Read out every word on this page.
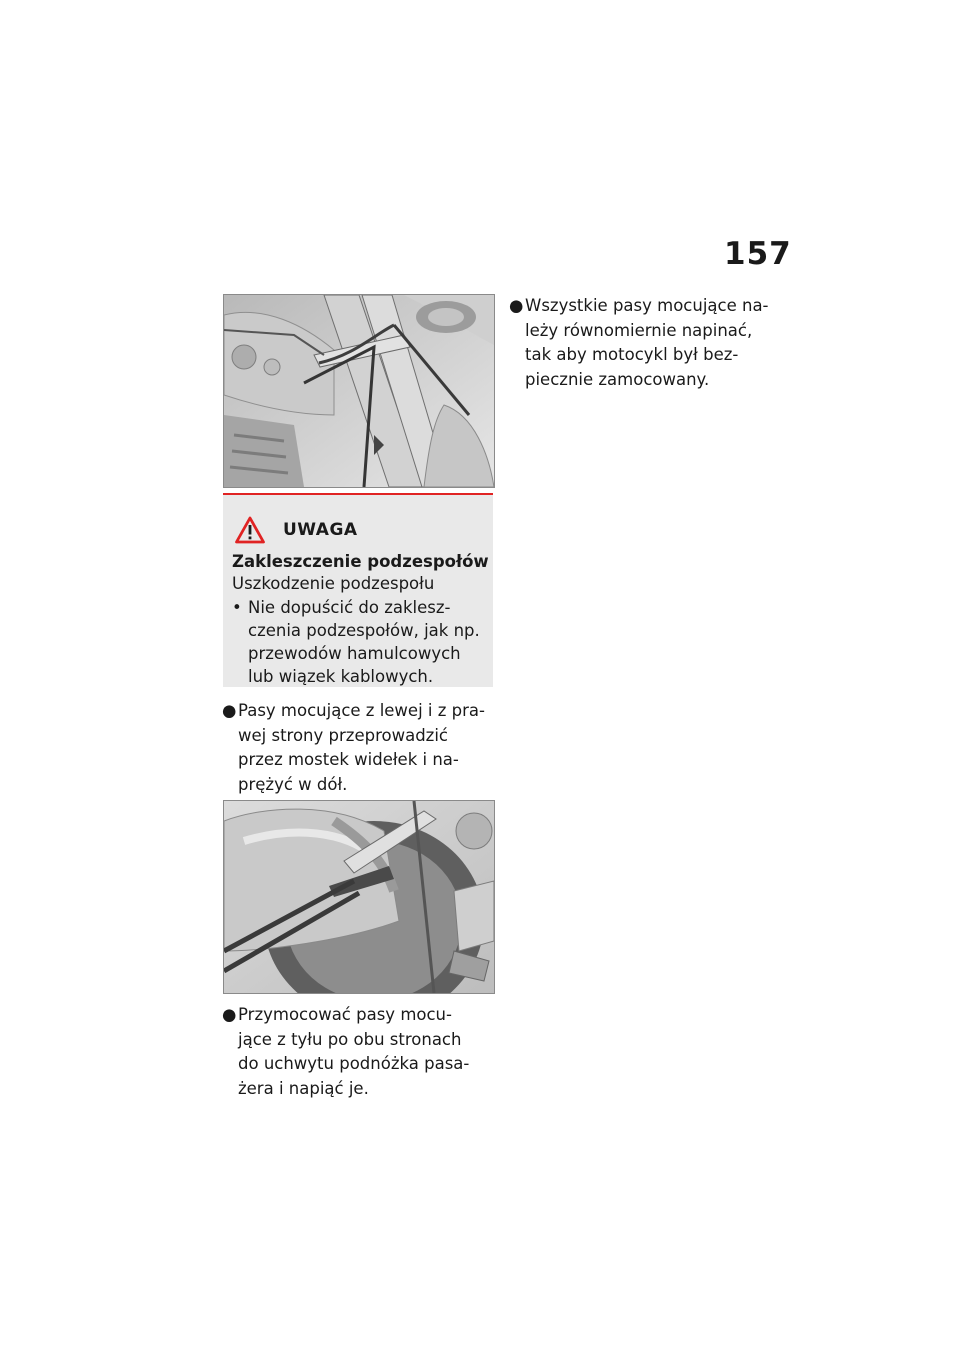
157
UWAGA
Zakleszczenie podzespołów
Uszkodzenie podzespołu
• Nie dopuścić do zaklesz-
czenia podzespołów, jak np.
przewodów hamulcowych
lub wiązek kablowych.
● Pasy mocujące z lewej i z pra-
wej strony przeprowadzić
przez mostek widełek i na-
prężyć w dół.
● Przymocować pasy mocu-
jące z tyłu po obu stronach
do uchwytu podnóżka pasa-
żera i napiąć je.
● Wszystkie pasy mocujące na-
leży równomiernie napinać,
tak aby motocykl był bez-
piecznie zamocowany.
